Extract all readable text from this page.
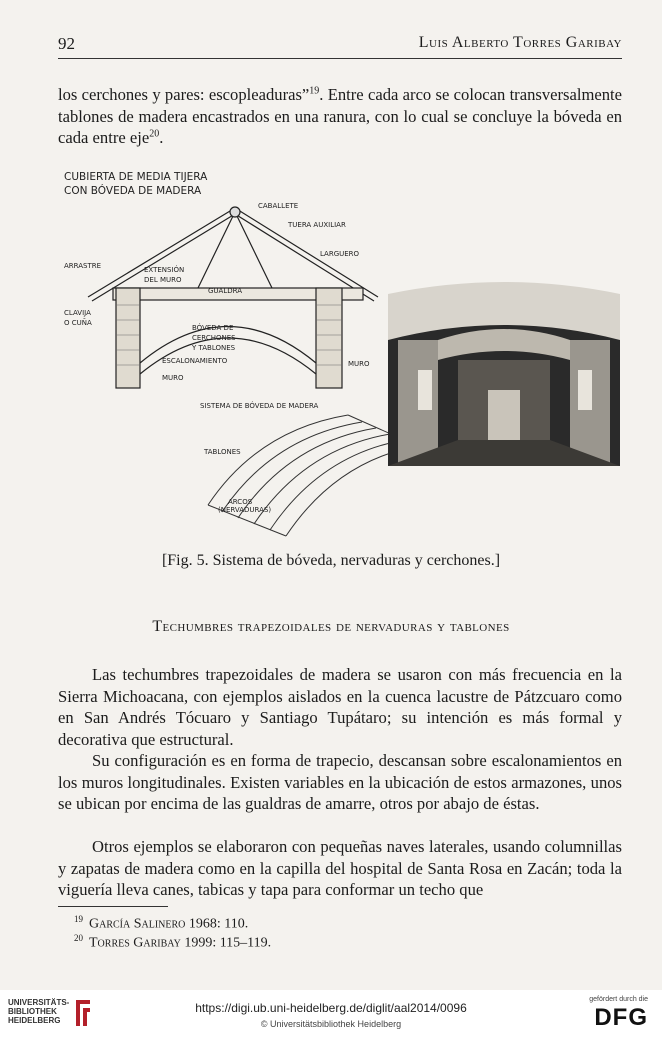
92	Luis Alberto Torres Garibay

los cerchones y pares: escopleaduras”$^{19}$. Entre cada arco se colocan transversalmente tablones de madera encastrados en una ranura, con lo cual se concluye la bóveda en cada entre eje$^{20}$.

CUBIERTA DE MEDIA TIJERA
CON BÓVEDA DE MADERA
CABALLETE
TUERA AUXILIAR
LARGUERO
ARRASTRE	EXTENSIÓN
DEL MURO
GUALDRA
CLAVIJA
O CUÑA
BÓVEDA DE
CERCHONES
Y TABLONES
ESCALONAMIENTO
MURO
MURO
SISTEMA DE BÓVEDA DE MADERA
TABLONES
ARCOS
(NERVADURAS)
[Fig. 5. Sistema de bóveda, nervaduras y cerchones.]
Techumbres trapezoidales de nervaduras y tablones

Las techumbres trapezoidales de madera se usaron con más frecuencia en la Sierra Michoacana, con ejemplos aislados en la cuenca lacustre de Pátzcuaro como en San Andrés Tócuaro y Santiago Tupátaro; su intención es más formal y decorativa que estructural.

Su configuración es en forma de trapecio, descansan sobre escalonamientos en los muros longitudinales. Existen variables en la ubicación de estos armazones, unos se ubican por encima de las gualdras de amarre, otros por abajo de éstas.

Otros ejemplos se elaboraron con pequeñas naves laterales, usando columnillas y zapatas de madera como en la capilla del hospital de Santa Rosa en Zacán; toda la viguería lleva canes, tabicas y tapa para conformar un techo que

$^{19}$ García Salinero 1968: 110.
$^{20}$ Torres Garibay 1999: 115–119.
UNIVERSITÄTS-
BIBLIOTHEK
HEIDELBERG
https://digi.ub.uni-heidelberg.de/diglit/aal2014/0096
© Universitätsbibliothek Heidelberg
gefördert durch die
DFG
